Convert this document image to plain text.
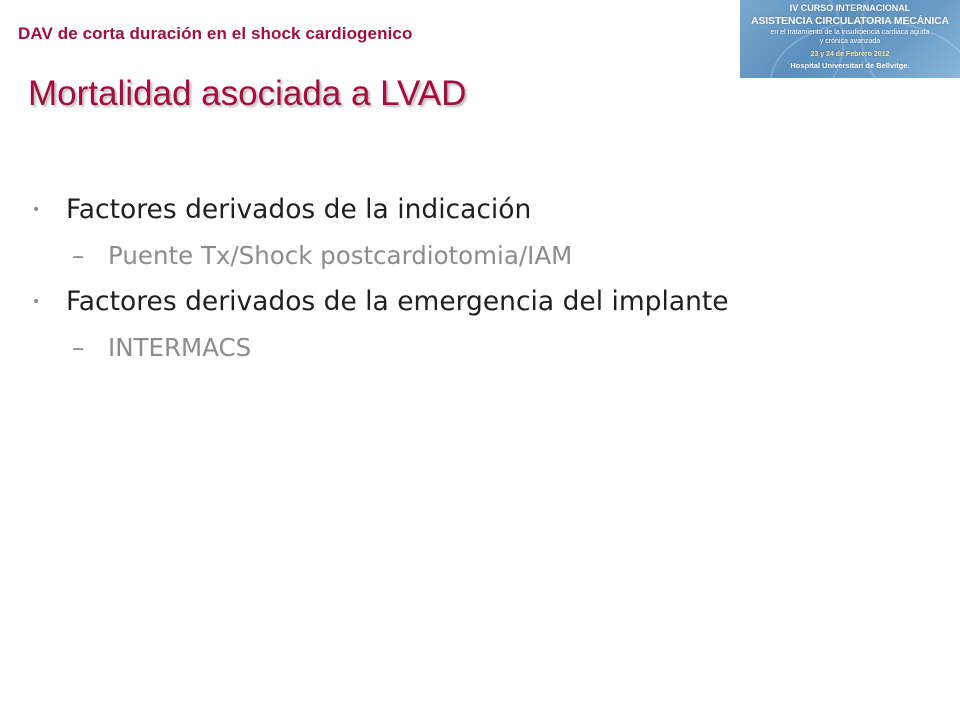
DAV de corta duración en el shock cardiogenico
IV CURSO INTERNACIONAL
ASISTENCIA CIRCULATORIA MECÁNICA
en el tratamiento de la insuficiencia cardiaca aguda
y crónica avanzada
23 y 24 de Febrero 2012
Hospital Universitari de Bellvitge.
Mortalidad asociada a LVAD
• Factores derivados de la indicación
– Puente Tx/Shock postcardiotomia/IAM
• Factores derivados de la emergencia del implante
– INTERMACS
